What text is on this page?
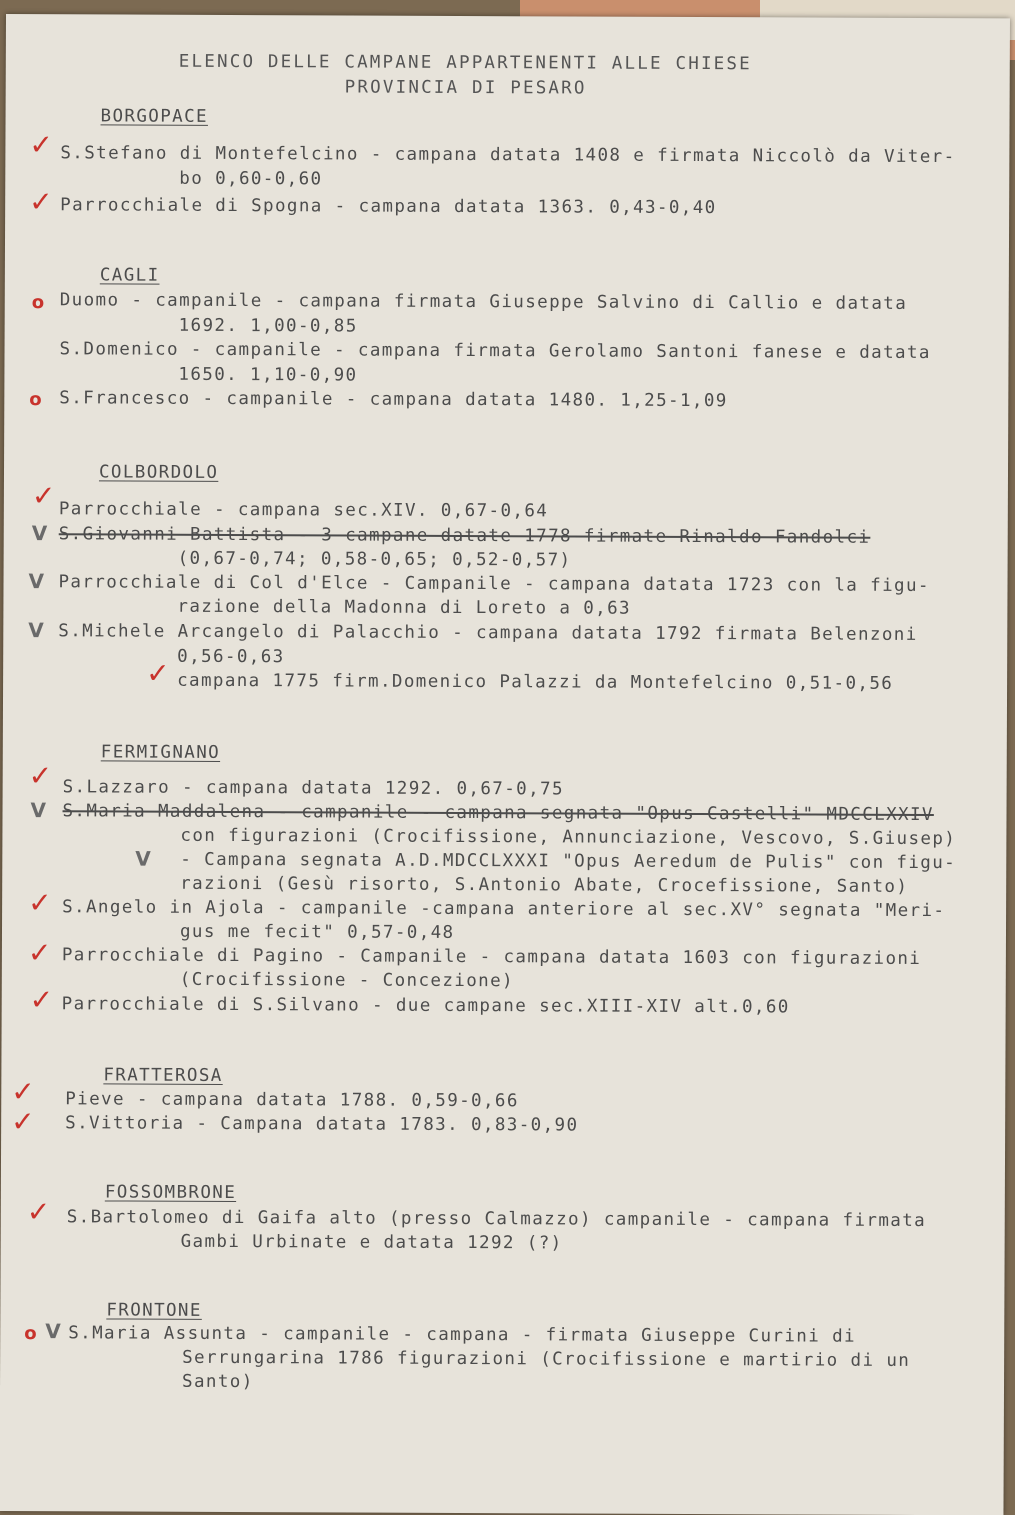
ELENCO DELLE CAMPANE APPARTENENTI ALLE CHIESE
PROVINCIA DI PESARO
BORGOPACE
✓ S.Stefano di Montefelcino - campana datata 1408 e firmata Niccolò da Viter-
bo 0,60-0,60
✓ Parrocchiale di Spogna - campana datata 1363. 0,43-0,40
CAGLI
o Duomo - campanile - campana firmata Giuseppe Salvino di Callio e datata
1692. 1,00-0,85
S.Domenico - campanile - campana firmata Gerolamo Santoni fanese e datata
1650. 1,10-0,90
o S.Francesco - campanile - campana datata 1480. 1,25-1,09
COLBORDOLO
✓ Parrocchiale - campana sec.XIV. 0,67-0,64
V S.Giovanni Battista - 3 campane datate 1778 firmate Rinaldo Fandolci
(0,67-0,74; 0,58-0,65; 0,52-0,57)
V Parrocchiale di Col d'Elce - Campanile - campana datata 1723 con la figu-
razione della Madonna di Loreto a 0,63
V S.Michele Arcangelo di Palacchio - campana datata 1792 firmata Belenzoni
0,56-0,63
✓ campana 1775 firm.Domenico Palazzi da Montefelcino 0,51-0,56
FERMIGNANO
✓ S.Lazzaro - campana datata 1292. 0,67-0,75
V S.Maria Maddalena - campanile - campana segnata "Opus Castelli" MDCCLXXIV
con figurazioni (Crocifissione, Annunciazione, Vescovo, S.Giusep)
V - Campana segnata A.D.MDCCLXXXI "Opus Aeredum de Pulis" con figu-
razioni (Gesù risorto, S.Antonio Abate, Crocefissione, Santo)
✓ S.Angelo in Ajola - campanile -campana anteriore al sec.XV° segnata "Meri-
gus me fecit" 0,57-0,48
✓ Parrocchiale di Pagino - Campanile - campana datata 1603 con figurazioni
(Crocifissione - Concezione)
✓ Parrocchiale di S.Silvano - due campane sec.XIII-XIV alt.0,60
FRATTEROSA
✓ Pieve - campana datata 1788. 0,59-0,66
✓ S.Vittoria - Campana datata 1783. 0,83-0,90
FOSSOMBRONE
✓ S.Bartolomeo di Gaifa alto (presso Calmazzo) campanile - campana firmata
Gambi Urbinate e datata 1292 (?)
FRONTONE
o V S.Maria Assunta - campanile - campana - firmata Giuseppe Curini di
Serrungarina 1786 figurazioni (Crocifissione e martirio di un
Santo)
